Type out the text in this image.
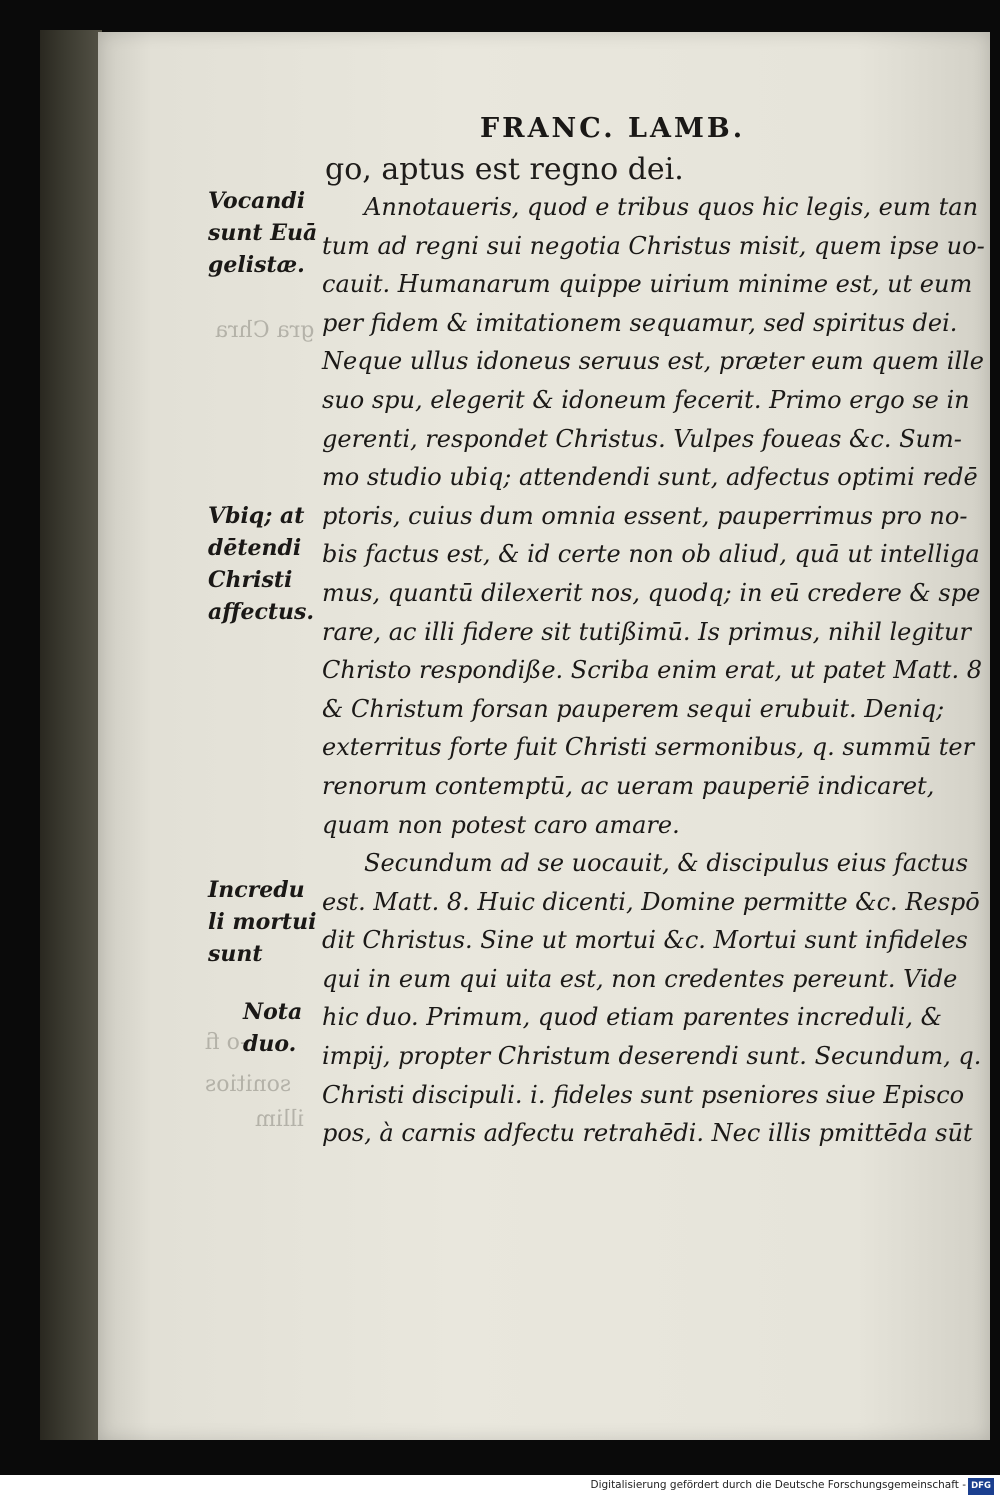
gra Chra
-o fi
sonitios
illim
FRANC. LAMB.
go, aptus est regno dei.
Annotaueris, quod e tribus quos hic legis, eum tan
tum ad regni sui negotia Christus misit, quem ipse uo-
cauit. Humanarum quippe uirium minime est, ut eum
per fidem & imitationem sequamur, sed spiritus dei.
Neque ullus idoneus seruus est, præter eum quem ille
suo spu, elegerit & idoneum fecerit. Primo ergo se in
gerenti, respondet Christus. Vulpes foueas &c. Sum-
mo studio ubiq; attendendi sunt, adfectus optimi redē
ptoris, cuius dum omnia essent, pauperrimus pro no-
bis factus est, & id certe non ob aliud, quā ut intelliga
mus, quantū dilexerit nos, quodq; in eū credere & spe
rare, ac illi fidere sit tutißimū. Is primus, nihil legitur
Christo respondiße. Scriba enim erat, ut patet Matt. 8
& Christum forsan pauperem sequi erubuit. Deniq;
exterritus forte fuit Christi sermonibus, q. summū ter
renorum contemptū, ac ueram pauperiē indicaret,
quam non potest caro amare.
Secundum ad se uocauit, & discipulus eius factus
est. Matt. 8. Huic dicenti, Domine permitte &c. Respō
dit Christus. Sine ut mortui &c. Mortui sunt infideles
qui in eum qui uita est, non credentes pereunt. Vide
hic duo. Primum, quod etiam parentes increduli, &
impij, propter Christum deserendi sunt. Secundum, q.
Christi discipuli. i. fideles sunt pseniores siue Episco
pos, à carnis adfectu retrahēdi. Nec illis pmittēda sūt
Vocandi
sunt Euā
gelistæ.
Vbiq; at
dētendi
Christi
affectus.
Incredu
li mortui
sunt
Nota
duo.
Digitalisierung gefördert durch die Deutsche Forschungsgemeinschaft - DFG
